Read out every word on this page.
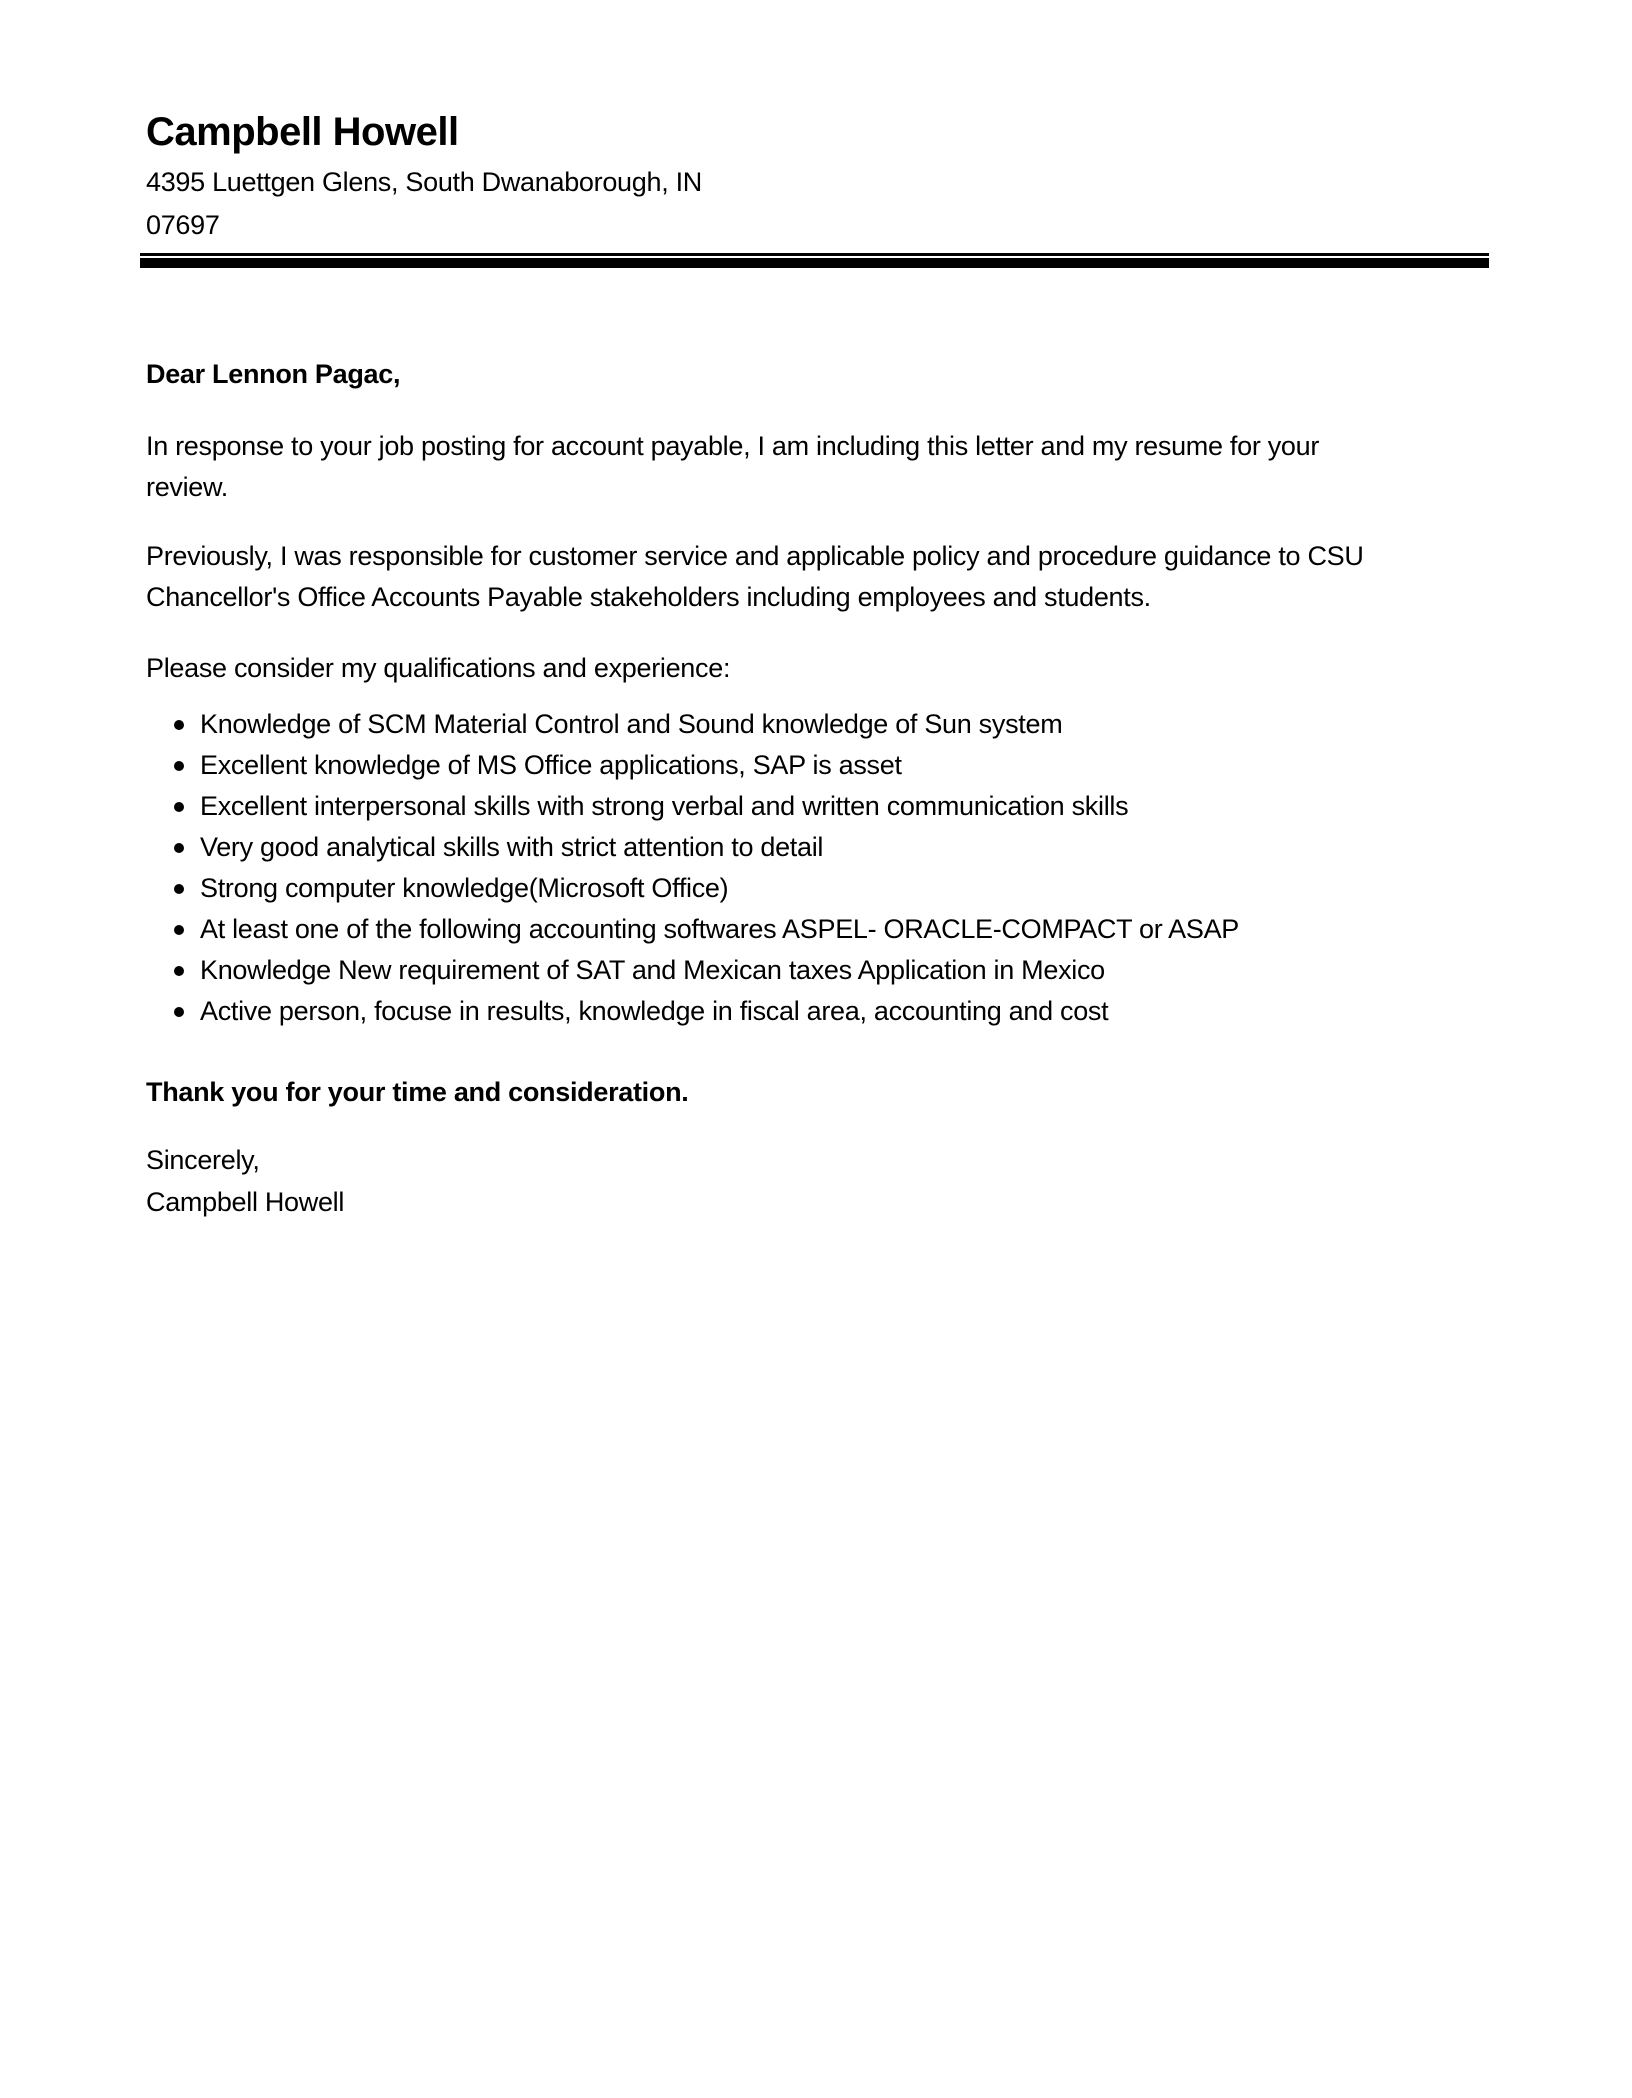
Campbell Howell
4395 Luettgen Glens, South Dwanaborough, IN
07697

Dear Lennon Pagac,

In response to your job posting for account payable, I am including this letter and my resume for your
review.

Previously, I was responsible for customer service and applicable policy and procedure guidance to CSU
Chancellor's Office Accounts Payable stakeholders including employees and students.

Please consider my qualifications and experience:

Knowledge of SCM Material Control and Sound knowledge of Sun system
Excellent knowledge of MS Office applications, SAP is asset
Excellent interpersonal skills with strong verbal and written communication skills
Very good analytical skills with strict attention to detail
Strong computer knowledge(Microsoft Office)
At least one of the following accounting softwares ASPEL- ORACLE-COMPACT or ASAP
Knowledge New requirement of SAT and Mexican taxes Application in Mexico
Active person, focuse in results, knowledge in fiscal area, accounting and cost

Thank you for your time and consideration.

Sincerely,
Campbell Howell
